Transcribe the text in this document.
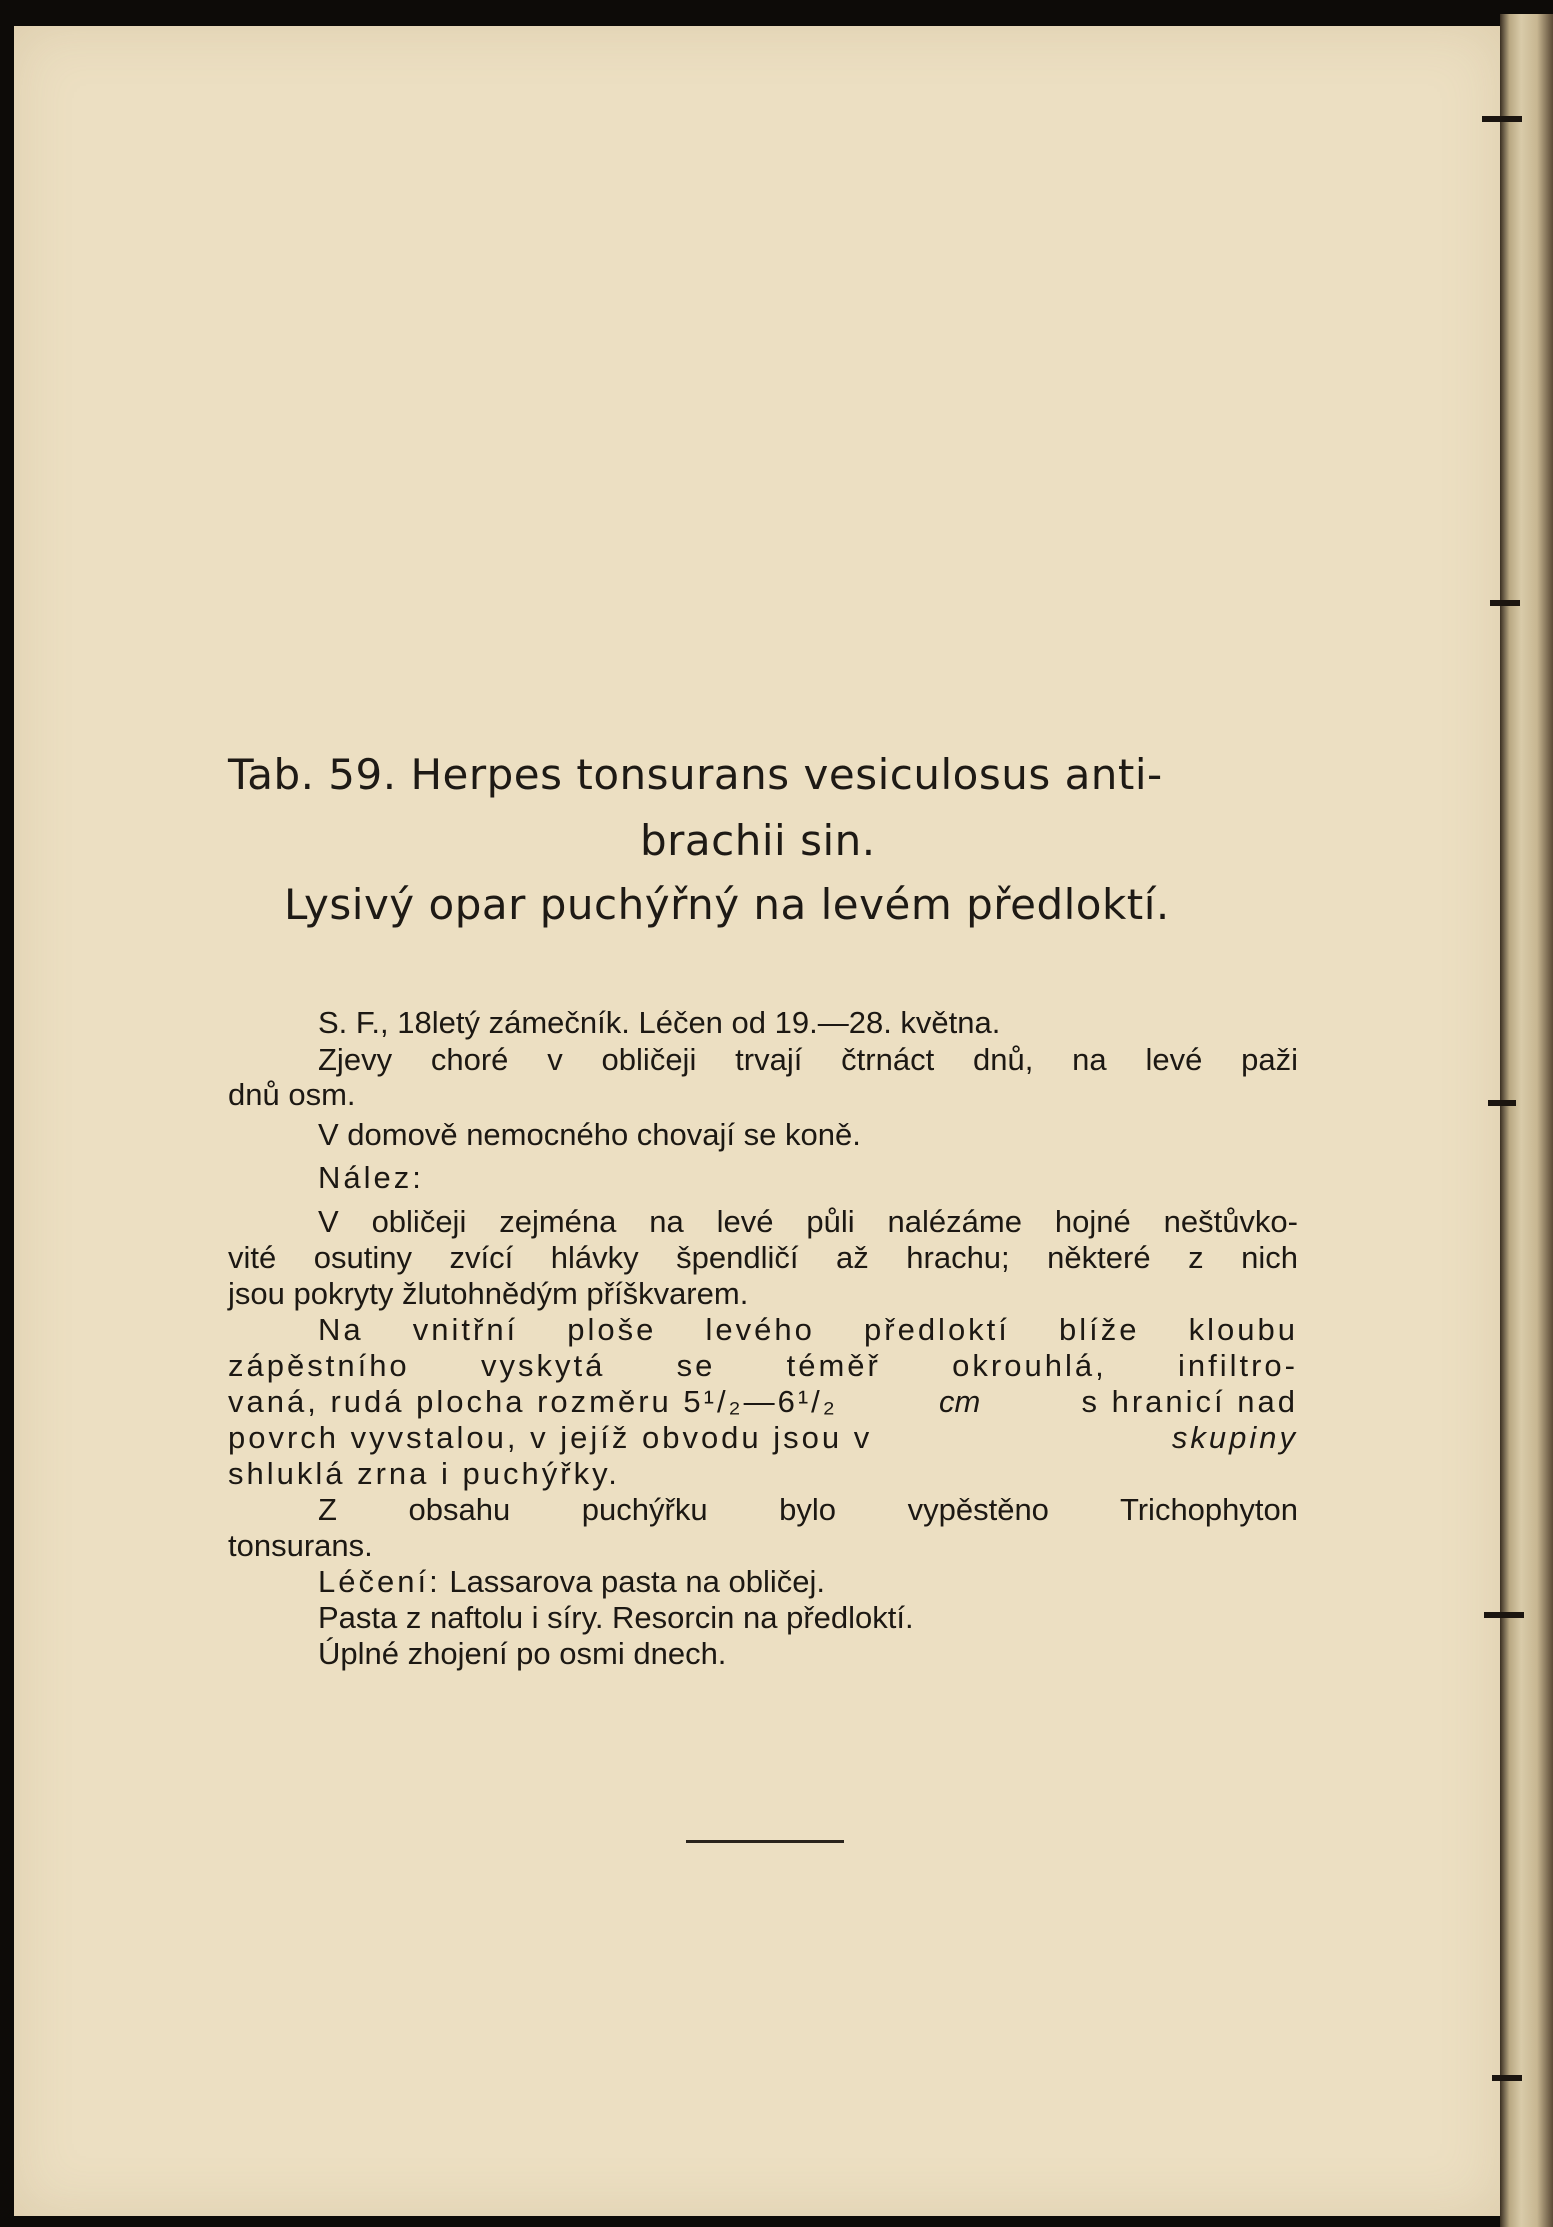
Tab. 59. Herpes tonsurans vesiculosus anti-

brachii sin.

Lysivý opar puchýřný na levém předloktí.

S. F., 18letý zámečník. Léčen od 19.—28. května.

Zjevy choré v obličeji trvají čtrnáct dnů, na levé paži

dnů osm.

V domově nemocného chovají se koně.

Nález:

V obličeji zejména na levé půli nalézáme hojné neštůvko-

vité osutiny zvící hlávky špendličí až hrachu; některé z nich

jsou pokryty žlutohnědým příškvarem.

Na vnitřní ploše levého předloktí blíže kloubu

zápěstního vyskytá se téměř okrouhlá, infiltro-

vaná, rudá plocha rozměru 5¹/₂—6¹/₂	cm	s hranicí nad
povrch vyvstalou, v jejíž obvodu jsou v	skupiny

shluklá zrna i puchýřky.

Z obsahu puchýřku bylo vypěstěno Trichophyton

tonsurans.

Léčení: Lassarova pasta na obličej.

Pasta z naftolu i síry. Resorcin na předloktí.

Úplné zhojení po osmi dnech.
